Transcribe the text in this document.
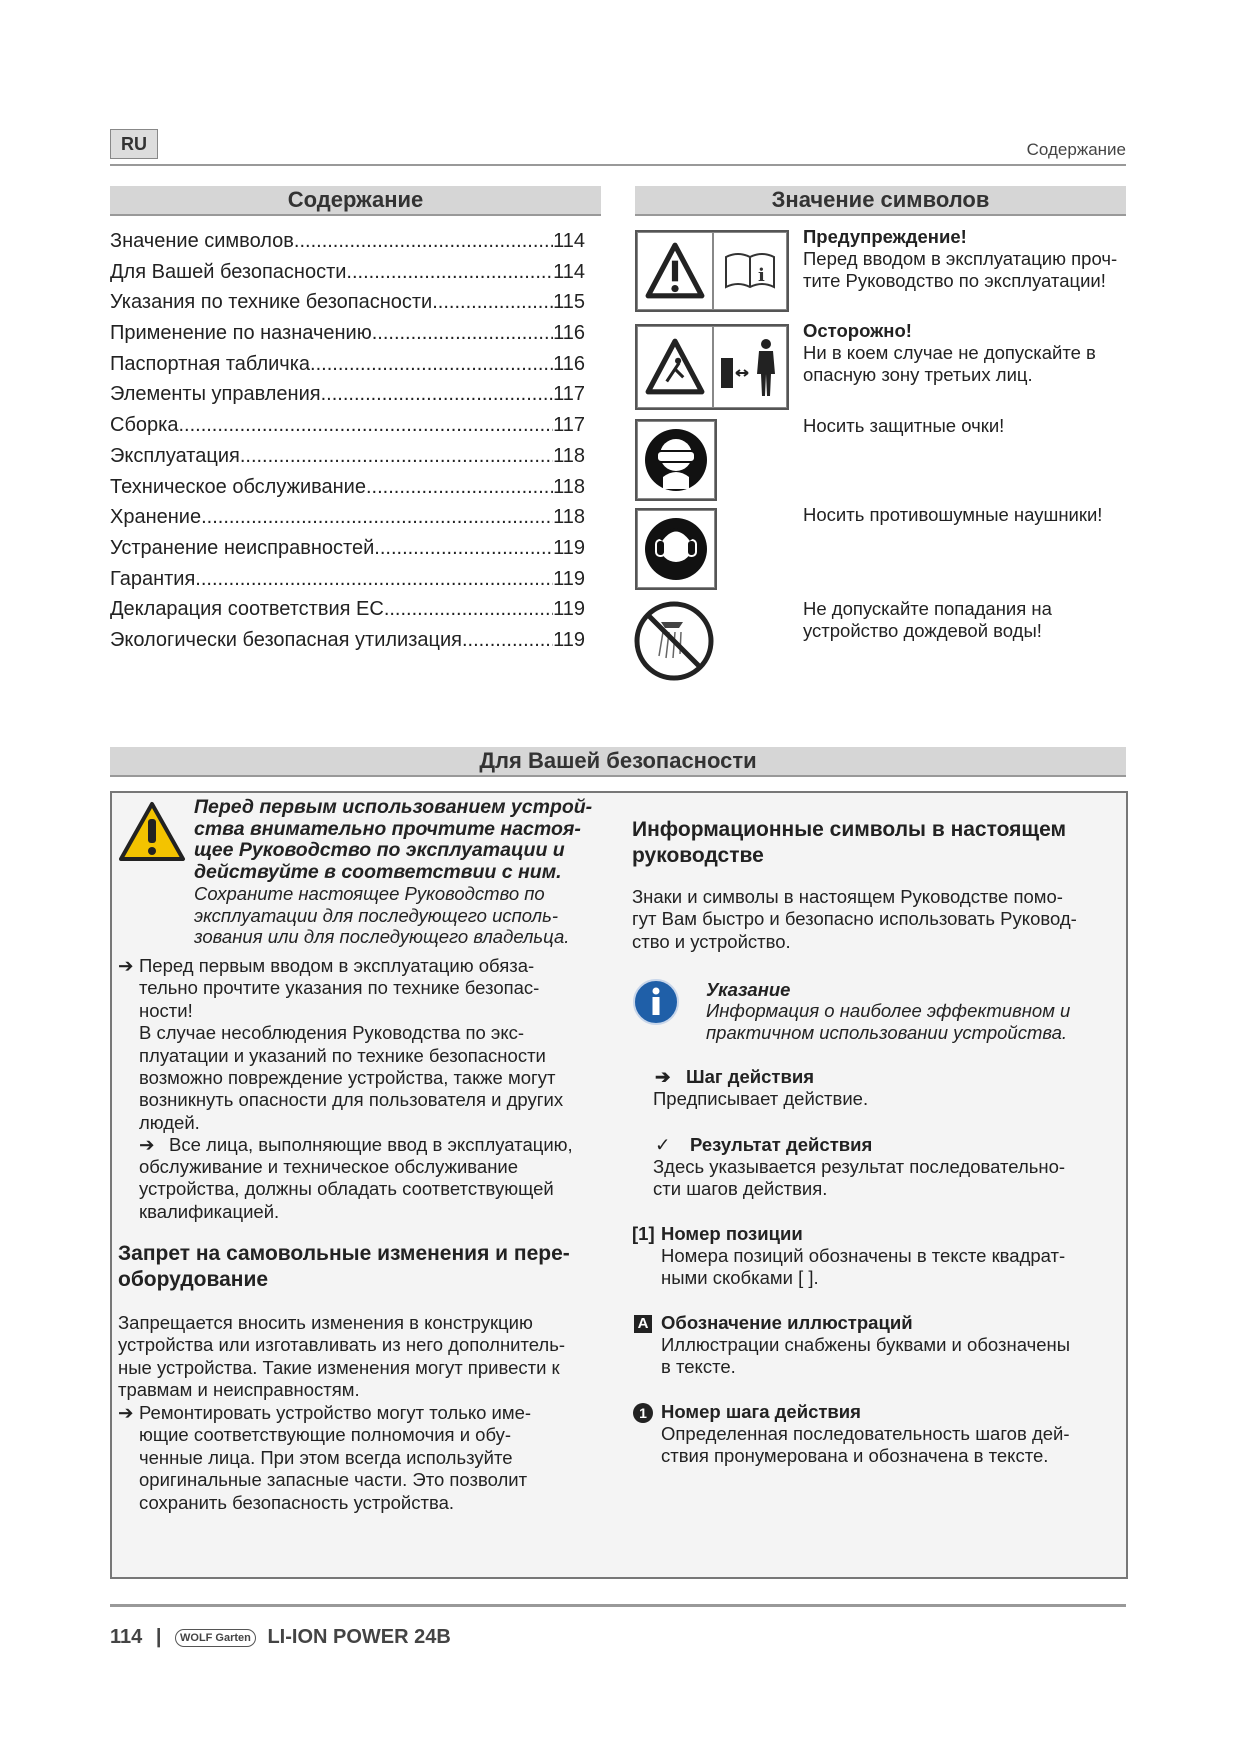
RU	Содержание
Содержание
Значение символов .....	114
Для Вашей безопасности .....	114
Указания по технике безопасности .....	115
Применение по назначению .....	116
Паспортная табличка .....	116
Элементы управления .....	117
Сборка .....	117
Эксплуатация .....	118
Техническое обслуживание .....	118
Хранение .....	118
Устранение неисправностей .....	119
Гарантия .....	119
Декларация соответствия ЕС .....	119
Экологически безопасная утилизация .....	119
Значение символов
i
Предупреждение!
Перед вводом в эксплуатацию проч-
тите Руководство по эксплуатации!
Осторожно!
Ни в коем случае не допускайте в
опасную зону третьих лиц.
Носить защитные очки!
Носить противошумные наушники!
Не допускайте попадания на
устройство дождевой воды!
Для Вашей безопасности
Перед первым использованием устрой-
ства внимательно прочтите настоя-
щее Руководство по эксплуатации и
действуйте в соответствии с ним.
Сохраните настоящее Руководство по
эксплуатации для последующего исполь-
зования или для последующего владельца.
➔ Перед первым вводом в эксплуатацию обяза-
тельно прочтите указания по технике безопас-
ности!
В случае несоблюдения Руководства по экс-
плуатации и указаний по технике безопасности
возможно повреждение устройства, также могут
возникнуть опасности для пользователя и других
людей.
➔ Все лица, выполняющие ввод в эксплуатацию,
обслуживание и техническое обслуживание
устройства, должны обладать соответствующей
квалификацией.
Запрет на самовольные изменения и пере-
оборудование
Запрещается вносить изменения в конструкцию
устройства или изготавливать из него дополнитель-
ные устройства. Такие изменения могут привести к
травмам и неисправностям.
➔ Ремонтировать устройство могут только име-
ющие соответствующие полномочия и обу-
ченные лица. При этом всегда используйте
оригинальные запасные части. Это позволит
сохранить безопасность устройства.
Информационные символы в настоящем
руководстве
Знаки и символы в настоящем Руководстве помо-
гут Вам быстро и безопасно использовать Руковод-
ство и устройство.
Указание
Информация о наиболее эффективном и
практичном использовании устройства.
➔ Шаг действия
Предписывает действие.
✓ Результат действия
Здесь указывается результат последовательно-
сти шагов действия.
[1] Номер позиции
Номера позиций обозначены в тексте квадрат-
ными скобками [ ].
A Обозначение иллюстраций
Иллюстрации снабжены буквами и обозначены
в тексте.
1 Номер шага действия
Определенная последовательность шагов дей-
ствия пронумерована и обозначена в тексте.
114 | WOLF Garten LI-ION POWER 24B
